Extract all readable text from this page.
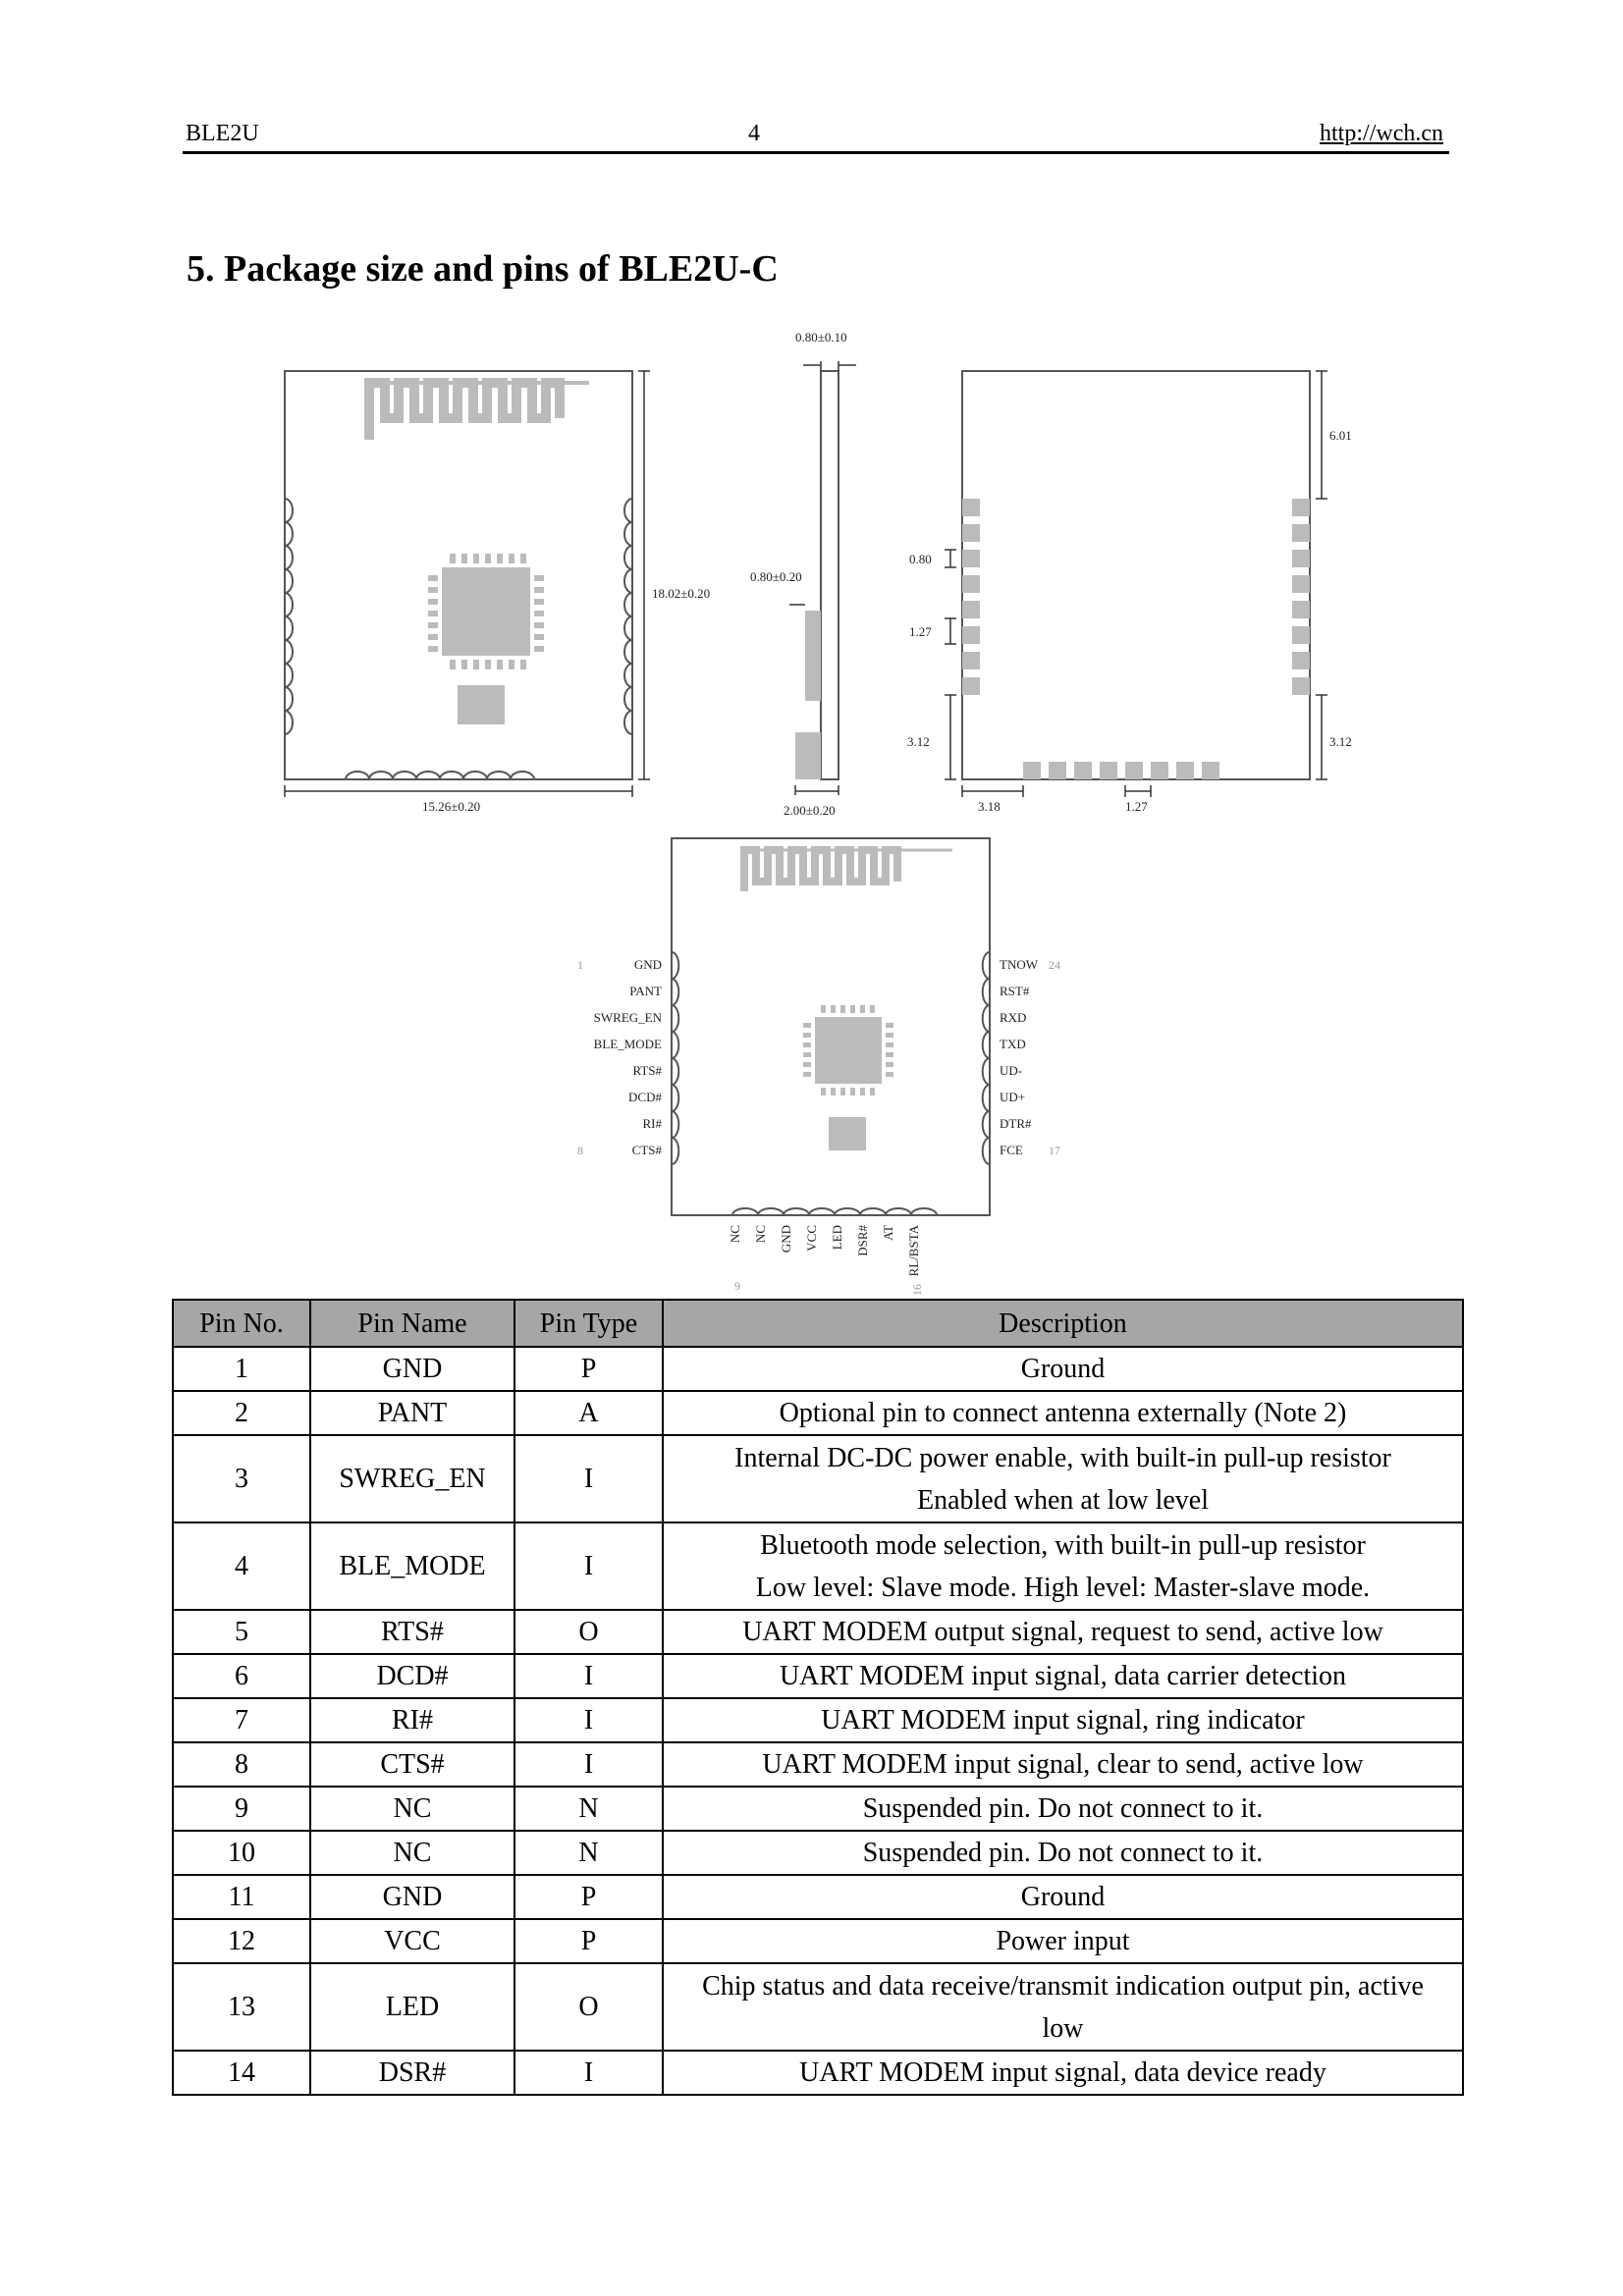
BLE2U	4	http://wch.cn
5. Package size and pins of BLE2U-C
18.02±0.20
15.26±0.20
0.80±0.10
0.80±0.20
2.00±0.20
6.01
0.80
1.27
3.12	3.12
3.18	1.27
GND
PANT
SWREG_EN
BLE_MODE
RTS#
DCD#
RI#
CTS#
TNOW
RST#
RXD
TXD
UD-
UD+
DTR#
FCE
NC NC GND VCC LED DSR# AT RL/BSTA
1
8
24
17
9	16
Pin No.	Pin Name	Pin Type	Description
1	GND	P	Ground
2	PANT	A	Optional pin to connect antenna externally (Note 2)
3	SWREG_EN	I	Internal DC-DC power enable, with built-in pull-up resistor
Enabled when at low level

4	BLE_MODE	I	Bluetooth mode selection, with built-in pull-up resistor
Low level: Slave mode. High level: Master-slave mode.

5	RTS#	O	UART MODEM output signal, request to send, active low
6	DCD#	I	UART MODEM input signal, data carrier detection
7	RI#	I	UART MODEM input signal, ring indicator
8	CTS#	I	UART MODEM input signal, clear to send, active low
9	NC	N	Suspended pin. Do not connect to it.
10	NC	N	Suspended pin. Do not connect to it.
11	GND	P	Ground
12	VCC	P	Power input
13	LED	O	Chip status and data receive/transmit indication output pin, active
low

14	DSR#	I	UART MODEM input signal, data device ready
